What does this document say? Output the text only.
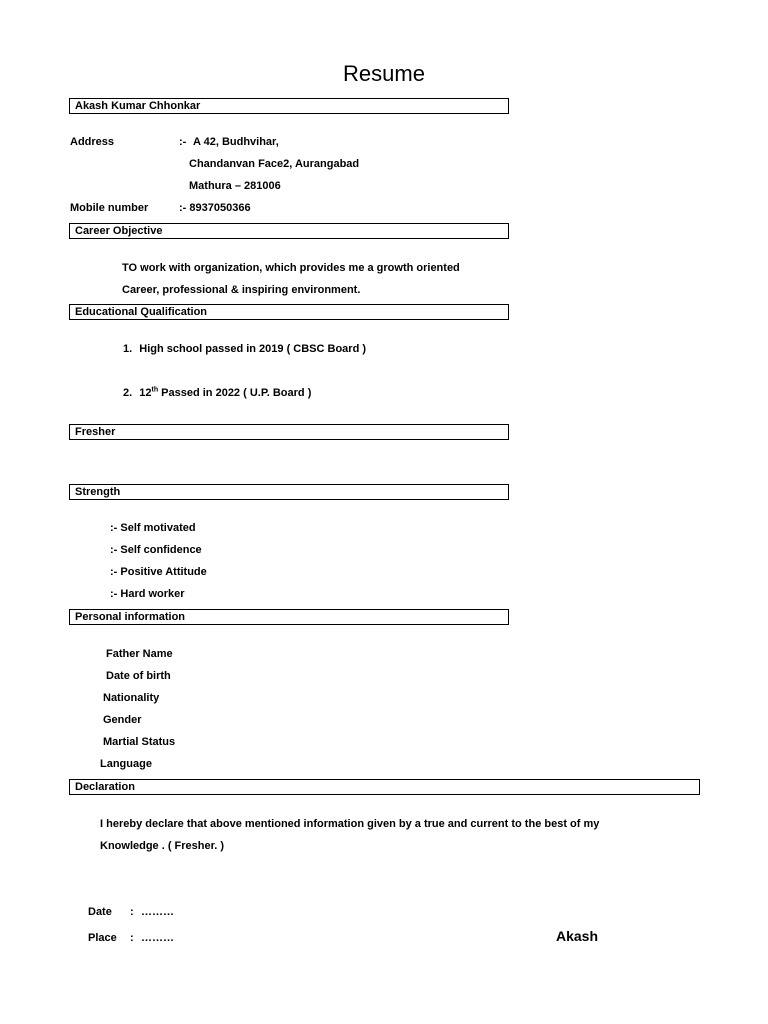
Resume
Akash Kumar Chhonkar
Address	:- A 42, Budhvihar,
Chandanvan Face2, Aurangabad
Mathura – 281006
Mobile number	:- 8937050366
Career Objective
TO work with organization, which provides me a growth oriented
Career, professional & inspiring environment.
Educational Qualification
1. High school passed in 2019 ( CBSC Board )
2. 12th Passed in 2022 ( U.P. Board )
Fresher
Strength
:- Self motivated
:- Self confidence
:- Positive Attitude
:- Hard worker
Personal information
Father Name
Date of birth
Nationality
Gender
Martial Status
Language
Declaration
I hereby declare that above mentioned information given by a true and current to the best of my
Knowledge . ( Fresher. )
Date : ………
Place : ………	Akash
